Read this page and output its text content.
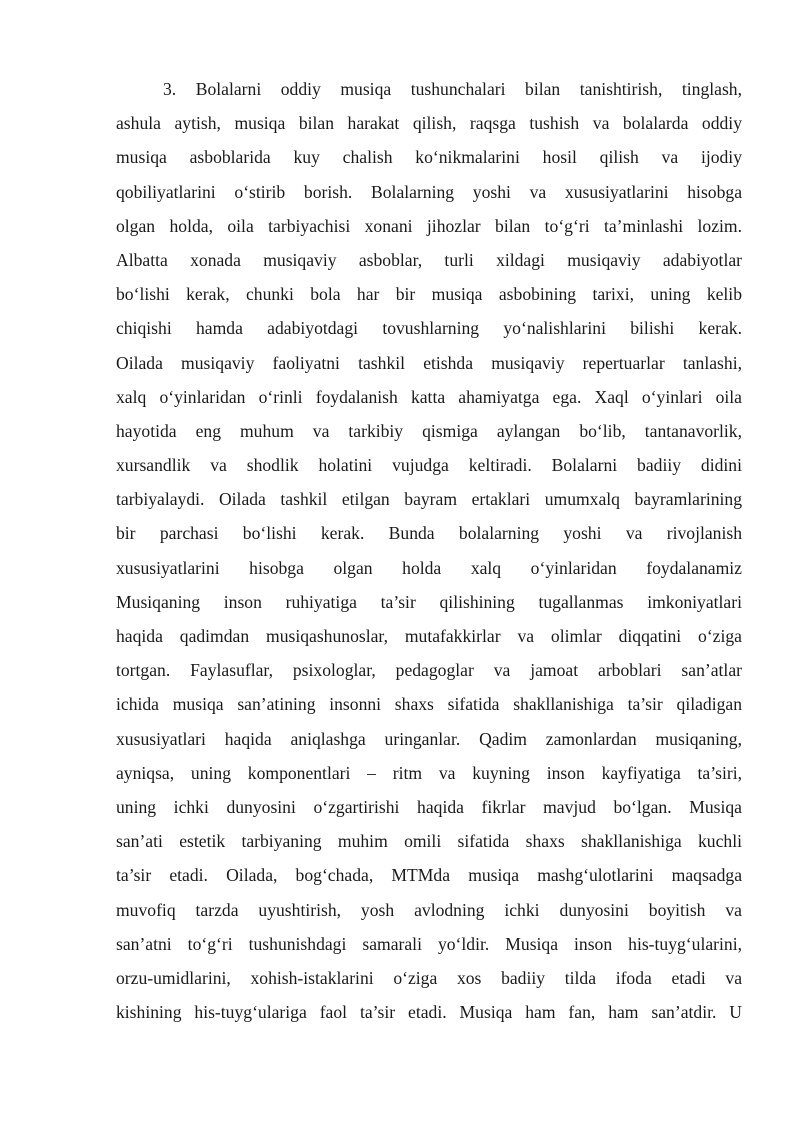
3. Bolalarni oddiy musiqa tushunchalari bilan tanishtirish, tinglash,
ashula aytish, musiqa bilan harakat qilish, raqsga tushish va bolalarda oddiy
musiqa asboblarida kuy chalish ko‘nikmalarini hosil qilish va ijodiy
qobiliyatlarini o‘stirib borish. Bolalarning yoshi va xususiyatlarini hisobga
olgan holda, oila tarbiyachisi xonani jihozlar bilan to‘g‘ri ta’minlashi lozim.
Albatta xonada musiqaviy asboblar, turli xildagi musiqaviy adabiyotlar
bo‘lishi kerak, chunki bola har bir musiqa asbobining tarixi, uning kelib
chiqishi hamda adabiyotdagi tovushlarning yo‘nalishlarini bilishi kerak.
Oilada musiqaviy faoliyatni tashkil etishda musiqaviy repertuarlar tanlashi,
xalq o‘yinlaridan o‘rinli foydalanish katta ahamiyatga ega. Xaql o‘yinlari oila
hayotida eng muhum va tarkibiy qismiga aylangan bo‘lib, tantanavorlik,
xursandlik va shodlik holatini vujudga keltiradi. Bolalarni badiiy didini
tarbiyalaydi. Oilada tashkil etilgan bayram ertaklari umumxalq bayramlarining
bir parchasi bo‘lishi kerak. Bunda bolalarning yoshi va rivojlanish
xususiyatlarini hisobga olgan holda xalq o‘yinlaridan foydalanamiz
Musiqaning inson ruhiyatiga ta’sir qilishining tugallanmas imkoniyatlari
haqida qadimdan musiqashunoslar, mutafakkirlar va olimlar diqqatini o‘ziga
tortgan. Faylasuflar, psixologlar, pedagoglar va jamoat arboblari san’atlar
ichida musiqa san’atining insonni shaxs sifatida shakllanishiga ta’sir qiladigan
xususiyatlari haqida aniqlashga uringanlar. Qadim zamonlardan musiqaning,
ayniqsa, uning komponentlari – ritm va kuyning inson kayfiyatiga ta’siri,
uning ichki dunyosini o‘zgartirishi haqida fikrlar mavjud bo‘lgan. Musiqa
san’ati estetik tarbiyaning muhim omili sifatida shaxs shakllanishiga kuchli
ta’sir etadi. Oilada, bog‘chada, MTMda musiqa mashg‘ulotlarini maqsadga
muvofiq tarzda uyushtirish, yosh avlodning ichki dunyosini boyitish va
san’atni to‘g‘ri tushunishdagi samarali yo‘ldir. Musiqa inson his-tuyg‘ularini,
orzu-umidlarini, xohish-istaklarini o‘ziga xos badiiy tilda ifoda etadi va
kishining his-tuyg‘ulariga faol ta’sir etadi. Musiqa ham fan, ham san’atdir. U
